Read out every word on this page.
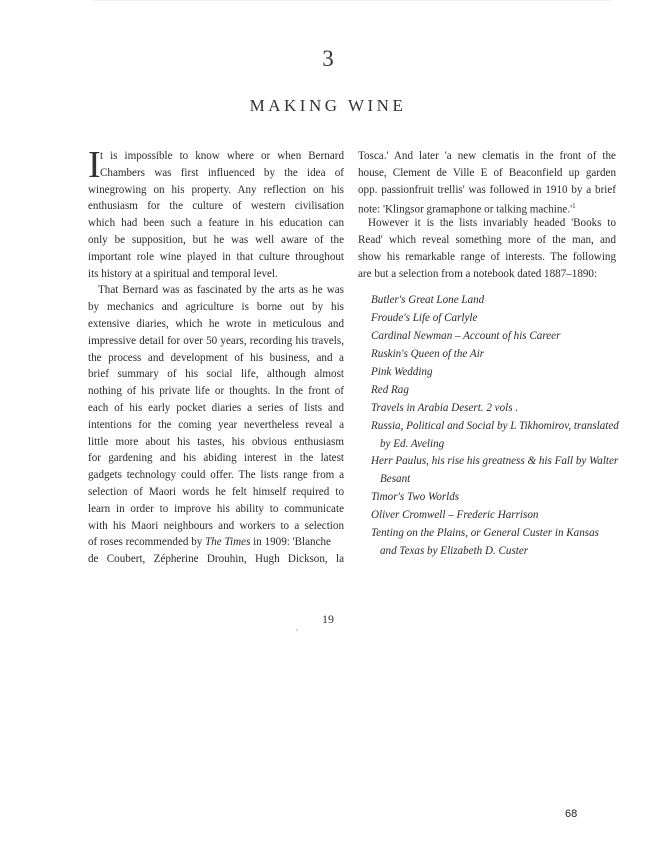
3
MAKING WINE
I t is impossible to know where or when Bernard
Chambers was first influenced by the idea of
winegrowing on his property. Any reflection on his
enthusiasm for the culture of western civilisation
which had been such a feature in his education can
only be supposition, but he was well aware of the
important role wine played in that culture throughout
its history at a spiritual and temporal level.
That Bernard was as fascinated by the arts as he was
by mechanics and agriculture is borne out by his
extensive diaries, which he wrote in meticulous and
impressive detail for over 50 years, recording his travels,
the process and development of his business, and a
brief summary of his social life, although almost
nothing of his private life or thoughts. In the front of
each of his early pocket diaries a series of lists and
intentions for the coming year nevertheless reveal a
little more about his tastes, his obvious enthusiasm
for gardening and his abiding interest in the latest
gadgets technology could offer. The lists range from a
selection of Maori words he felt himself required to
learn in order to improve his ability to communicate
with his Maori neighbours and workers to a selection
of roses recommended by The Times in 1909: 'Blanche
de Coubert, Zépherine Drouhin, Hugh Dickson, la
Tosca.' And later 'a new clematis in the front of the
house, Clement de Ville E of Beaconfield up garden
opp. passionfruit trellis' was followed in 1910 by a brief
note: 'Klingsor gramaphone or talking $machine.'^1$
However it is the lists invariably headed 'Books to
Read' which reveal something more of the man, and
show his remarkable range of interests. The following
are but a selection from a notebook dated 1887–1890:
Butler's Great Lone Land
Froude's Life of Carlyle
Cardinal Newman – Account of his Career
Ruskin's Queen of the Air
Pink Wedding
Red Rag
Travels in Arabia Desert. 2 vols .
Russia, Political and Social by L Tikhomirov, translated
by Ed. Aveling
Herr Paulus, his rise his greatness & his Fall by Walter
Besant
Timor's Two Worlds
Oliver Cromwell – Frederic Harrison
Tenting on the Plains, or General Custer in Kansas
and Texas by Elizabeth D. Custer
19
,
68
